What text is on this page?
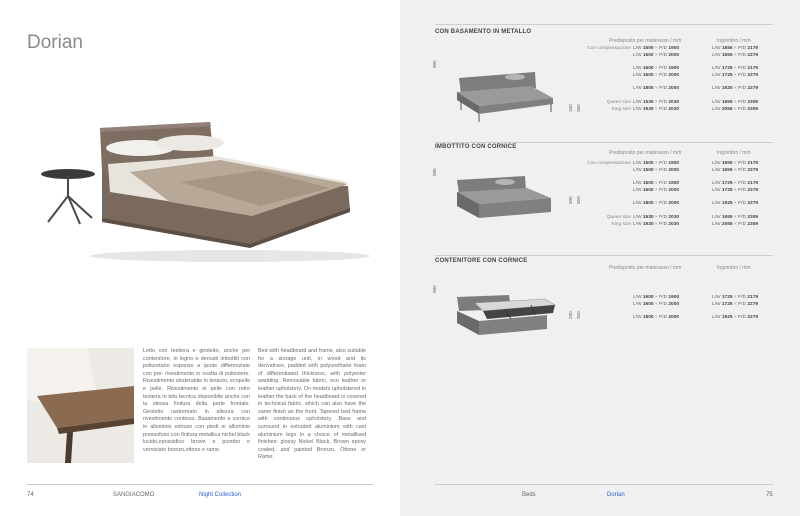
Dorian
Letto con testiera e giroletto, anche per contenitore, in legno e derivati imbottiti con poliuretano espanso a quote differenziate con pre- rivestimento in ovatta di poliestere. Rivestimento sfoderabile in tessuto, ecopelle e pelle. Rivestimento in pelle con retro testiera in tela tecnica disponibile anche con la stessa finitura della parte frontale. Giroletto rastremato in altezza con rivestimento continuo. Basamento e cornice in alluminio estruso con piedi in alluminio pressofuso con finitura metallica nichel black lucido,epossidico brown e piombo o verniciato bronzo,ottone e rame.
Bed with headboard and frame, also suitable for a storage unit, in wood and its derivatives, padded with polyurethane foam of differentiated thickness, with polyester wadding. Removable fabric, eco leather or leather upholstery. On models upholstered in leather the back of the headboard is covered in technical fabric, which can also have the same finish as the front. Tapered bed frame with continuous upholstery. Base and surround in extruded aluminium with cast aluminium legs in a choice of metallised finishes: glossy Nickel Black, Brown epoxy coated, and painted Bronzo, Ottone or Rame.
74	SANGIACOMO	Night Collection
CON BASAMENTO IN METALLO
Predisposto per materasso / mm	Ingombro / mm
995
150 360
Con compensazione L/W 1500 × P/D 1900	L/W 1655 × P/D 2179
L/W 1500 × P/D 2000	L/W 1655 × P/D 2279
L/W 1600 × P/D 1900	L/W 1725 × P/D 2179
L/W 1600 × P/D 2000	L/W 1725 × P/D 2279
L/W 1800 × P/D 2000	L/W 1925 × P/D 2279
Queen size L/W 1530 × P/D 2030	L/W 1655 × P/D 2309
King size L/W 1930 × P/D 2030	L/W 2055 × P/D 2309
IMBOTTITO CON CORNICE
Predisposto per materasso / mm	Ingombro / mm
995
390 350
Con compensazione L/W 1500 × P/D 1900	L/W 1655 × P/D 2179
L/W 1500 × P/D 2000	L/W 1655 × P/D 2279
L/W 1600 × P/D 1900	L/W 1725 × P/D 2179
L/W 1600 × P/D 2000	L/W 1725 × P/D 2279
L/W 1800 × P/D 2000	L/W 1925 × P/D 2279
Queen size L/W 1530 × P/D 2030	L/W 1655 × P/D 2309
King size L/W 1930 × P/D 2030	L/W 2055 × P/D 2309
CONTENITORE CON CORNICE
Predisposto per materasso / mm	Ingombro / mm
980
290 350
L/W 1600 × P/D 1900	L/W 1725 × P/D 2179
L/W 1600 × P/D 2000	L/W 1725 × P/D 2279
L/W 1800 × P/D 2000	L/W 1925 × P/D 2279
Beds	Dorian	75
